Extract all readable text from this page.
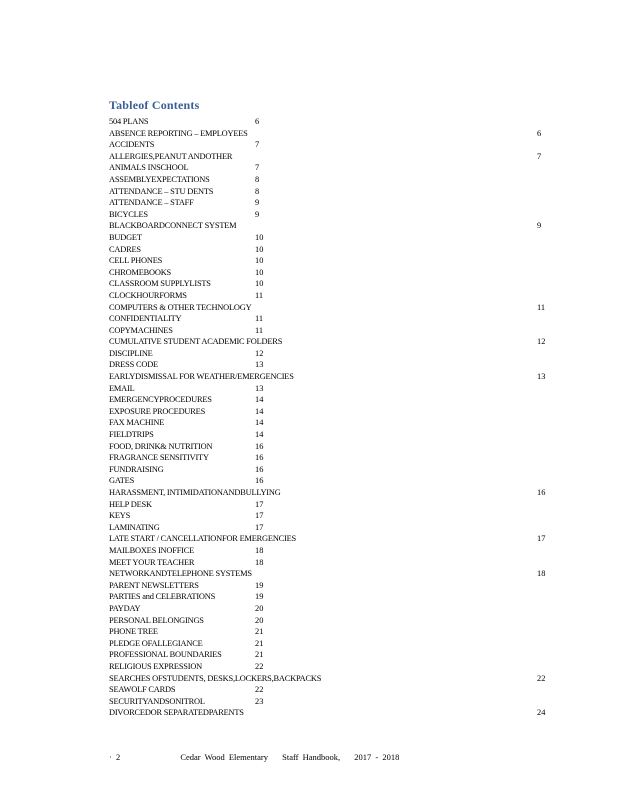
Tableof Contents
504 PLANS	6
ABSENCE REPORTING – EMPLOYEES	6
ACCIDENTS	7
ALLERGIES,PEANUT ANDOTHER	7
ANIMALS INSCHOOL	7
ASSEMBLYEXPECTATIONS	8
ATTENDANCE – STU DENTS	8
ATTENDANCE – STAFF	9
BICYCLES	9
BLACKBOARDCONNECT SYSTEM	9
BUDGET	10
CADRES	10
CELL PHONES	10
CHROMEBOOKS	10
CLASSROOM SUPPLYLISTS	10
CLOCKHOURFORMS	11
COMPUTERS & OTHER TECHNOLOGY	11
CONFIDENTIALITY	11
COPYMACHINES	11
CUMULATIVE STUDENT ACADEMIC FOLDERS	12
DISCIPLINE	12
DRESS CODE	13
EARLYDISMISSAL FOR WEATHER/EMERGENCIES	13
EMAIL	13
EMERGENCYPROCEDURES	14
EXPOSURE PROCEDURES	14
FAX MACHINE	14
FIELDTRIPS	14
FOOD, DRINK& NUTRITION	16
FRAGRANCE SENSITIVITY	16
FUNDRAISING	16
GATES	16
HARASSMENT, INTIMIDATIONANDBULLYING	16
HELP DESK	17
KEYS	17
LAMINATING	17
LATE START / CANCELLATIONFOR EMERGENCIES	17
MAILBOXES INOFFICE	18
MEET YOUR TEACHER	18
NETWORKANDTELEPHONE SYSTEMS	18
PARENT NEWSLETTERS	19
PARTIES and CELEBRATIONS	19
PAYDAY	20
PERSONAL BELONGINGS	20
PHONE TREE	21
PLEDGE OFALLEGIANCE	21
PROFESSIONAL BOUNDARIES	21
RELIGIOUS EXPRESSION	22
SEARCHES OFSTUDENTS, DESKS,LOCKERS,BACKPACKS	22
SEAWOLF CARDS	22
SECURITYANDSONITROL	23
DIVORCEDOR SEPARATEDPARENTS	24
· 2	Cedar Wood Elementary Staff Handbook, 2017 - 2018
